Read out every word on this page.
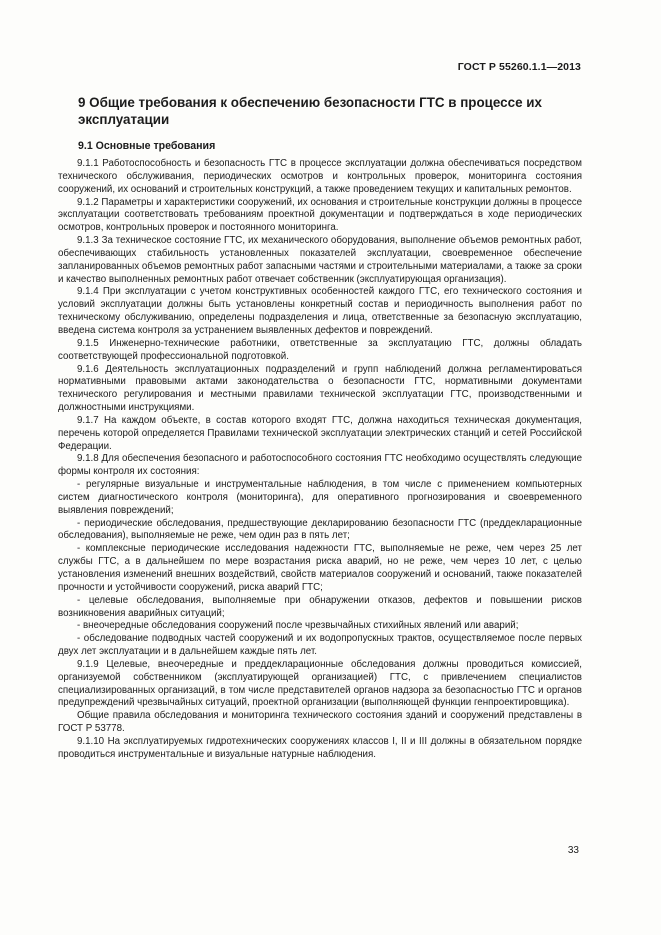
ГОСТ Р 55260.1.1—2013
9 Общие требования к обеспечению безопасности ГТС в процессе их эксплуатации
9.1 Основные требования

9.1.1 Работоспособность и безопасность ГТС в процессе эксплуатации должна обеспечиваться посредством технического обслуживания, периодических осмотров и контрольных проверок, мониторинга состояния сооружений, их оснований и строительных конструкций, а также проведением текущих и капитальных ремонтов.

9.1.2 Параметры и характеристики сооружений, их основания и строительные конструкции должны в процессе эксплуатации соответствовать требованиям проектной документации и подтверждаться в ходе периодических осмотров, контрольных проверок и постоянного мониторинга.

9.1.3 За техническое состояние ГТС, их механического оборудования, выполнение объемов ремонтных работ, обеспечивающих стабильность установленных показателей эксплуатации, своевременное обеспечение запланированных объемов ремонтных работ запасными частями и строительными материалами, а также за сроки и качество выполненных ремонтных работ отвечает собственник (эксплуатирующая организация).

9.1.4 При эксплуатации с учетом конструктивных особенностей каждого ГТС, его технического состояния и условий эксплуатации должны быть установлены конкретный состав и периодичность выполнения работ по техническому обслуживанию, определены подразделения и лица, ответственные за безопасную эксплуатацию, введена система контроля за устранением выявленных дефектов и повреждений.

9.1.5 Инженерно-технические работники, ответственные за эксплуатацию ГТС, должны обладать соответствующей профессиональной подготовкой.

9.1.6 Деятельность эксплуатационных подразделений и групп наблюдений должна регламентироваться нормативными правовыми актами законодательства о безопасности ГТС, нормативными документами технического регулирования и местными правилами технической эксплуатации ГТС, производственными и должностными инструкциями.

9.1.7 На каждом объекте, в состав которого входят ГТС, должна находиться техническая документация, перечень которой определяется Правилами технической эксплуатации электрических станций и сетей Российской Федерации.

9.1.8 Для обеспечения безопасного и работоспособного состояния ГТС необходимо осуществлять следующие формы контроля их состояния:

- регулярные визуальные и инструментальные наблюдения, в том числе с применением компьютерных систем диагностического контроля (мониторинга), для оперативного прогнозирования и своевременного выявления повреждений;

- периодические обследования, предшествующие декларированию безопасности ГТС (преддекларационные обследования), выполняемые не реже, чем один раз в пять лет;

- комплексные периодические исследования надежности ГТС, выполняемые не реже, чем через 25 лет службы ГТС, а в дальнейшем по мере возрастания риска аварий, но не реже, чем через 10 лет, с целью установления изменений внешних воздействий, свойств материалов сооружений и оснований, также показателей прочности и устойчивости сооружений, риска аварий ГТС;

- целевые обследования, выполняемые при обнаружении отказов, дефектов и повышении рисков возникновения аварийных ситуаций;

- внеочередные обследования сооружений после чрезвычайных стихийных явлений или аварий;

- обследование подводных частей сооружений и их водопропускных трактов, осуществляемое после первых двух лет эксплуатации и в дальнейшем каждые пять лет.

9.1.9 Целевые, внеочередные и преддекларационные обследования должны проводиться комиссией, организуемой собственником (эксплуатирующей организацией) ГТС, с привлечением специалистов специализированных организаций, в том числе представителей органов надзора за безопасностью ГТС и органов предупреждений чрезвычайных ситуаций, проектной организации (выполняющей функции генпроектировщика).

Общие правила обследования и мониторинга технического состояния зданий и сооружений представлены в ГОСТ Р 53778.

9.1.10 На эксплуатируемых гидротехнических сооружениях классов I, II и III должны в обязательном порядке проводиться инструментальные и визуальные натурные наблюдения.

33
